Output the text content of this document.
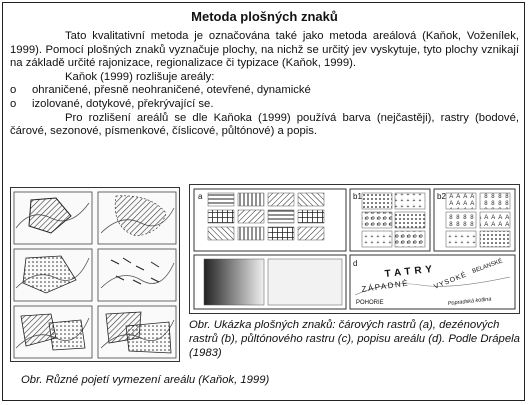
Metoda plošných znaků

Tato kvalitativní metoda je označována také jako metoda areálová (Kaňok, Voženílek, 1999). Pomocí plošných znaků vyznačuje plochy, na nichž se určitý jev vyskytuje, tyto plochy vznikají na základě určité rajonizace, regionalizace či typizace (Kaňok, 1999).

Kaňok (1999) rozlišuje areály:

o	ohraničené, přesně neohraničené, otevřené, dynamické
o	izolované, dotykové, překrývající se.

Pro rozlišení areálů se dle Kaňoka (1999) používá barva (nejčastěji), rastry (bodové, čárové, sezonové, písmenkové, číslicové, půltónové) a popis.

a	b1	b2
c	d
TATRY	BELANSKÉ
ZÁPADNÉ	VYSOKÉ
POHORIE	Popradská kotlina
Obr. Ukázka plošných znaků: čárových rastrů (a), dezénových rastrů (b), půltónového rastru (c), popisu areálu (d). Podle Drápela (1983)
Obr. Různé pojetí vymezení areálu (Kaňok, 1999)
